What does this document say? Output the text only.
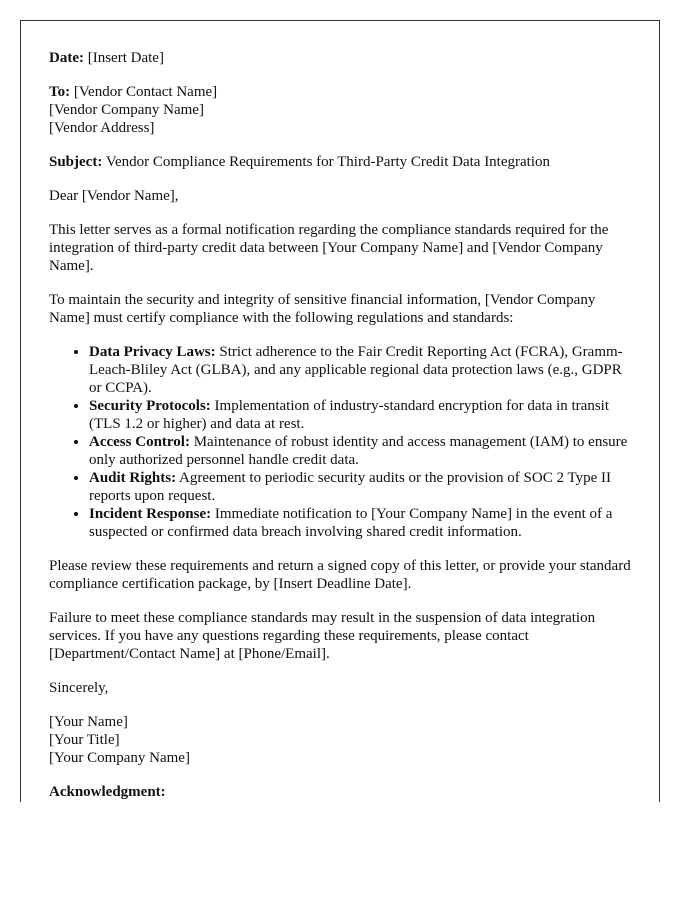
Date: [Insert Date]

To: [Vendor Contact Name]
[Vendor Company Name]
[Vendor Address]

Subject: Vendor Compliance Requirements for Third-Party Credit Data Integration

Dear [Vendor Name],

This letter serves as a formal notification regarding the compliance standards required for the integration of third-party credit data between [Your Company Name] and [Vendor Company Name].

To maintain the security and integrity of sensitive financial information, [Vendor Company Name] must certify compliance with the following regulations and standards:

• Data Privacy Laws: Strict adherence to the Fair Credit Reporting Act (FCRA), Gramm-Leach-Bliley Act (GLBA), and any applicable regional data protection laws (e.g., GDPR or CCPA).
• Security Protocols: Implementation of industry-standard encryption for data in transit (TLS 1.2 or higher) and data at rest.
• Access Control: Maintenance of robust identity and access management (IAM) to ensure only authorized personnel handle credit data.
• Audit Rights: Agreement to periodic security audits or the provision of SOC 2 Type II reports upon request.
• Incident Response: Immediate notification to [Your Company Name] in the event of a suspected or confirmed data breach involving shared credit information.

Please review these requirements and return a signed copy of this letter, or provide your standard compliance certification package, by [Insert Deadline Date].

Failure to meet these compliance standards may result in the suspension of data integration services. If you have any questions regarding these requirements, please contact [Department/Contact Name] at [Phone/Email].

Sincerely,

[Your Name]
[Your Title]
[Your Company Name]

Acknowledgment:
